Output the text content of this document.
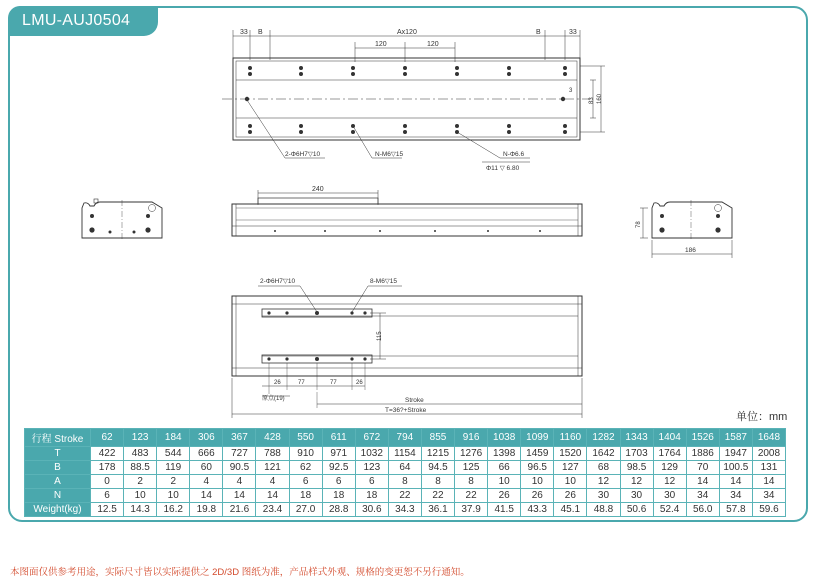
LMU-AUJ0504
33 B	Ax120	B	33
120	120
83 160
3
2-Φ6H7▽10	N-M6▽15	N-Φ6.6
Φ11 ▽ 6.80
240
78
186
2-Φ6H7▽10	8-M6▽15
115
26	77	77	26
原点(19)	Stroke
T=36?+Stroke
单位：mm
行程 Stroke	62	123	184	306	367	428	550	611	672	794	855	916	1038	1099	1160	1282	1343	1404	1526	1587	1648
T	422	483	544	666	727	788	910	971	1032	1154	1215	1276	1398	1459	1520	1642	1703	1764	1886	1947	2008
B	178	88.5	119	60	90.5	121	62	92.5	123	64	94.5	125	66	96.5	127	68	98.5	129	70	100.5	131
A	0	2	2	4	4	4	6	6	6	8	8	8	10	10	10	12	12	12	14	14	14
N	6	10	10	14	14	14	18	18	18	22	22	22	26	26	26	30	30	30	34	34	34
Weight(kg)	12.5	14.3	16.2	19.8	21.6	23.4	27.0	28.8	30.6	34.3	36.1	37.9	41.5	43.3	45.1	48.8	50.6	52.4	56.0	57.8	59.6
本图面仅供参考用途，实际尺寸皆以实际提供之 2D/3D 图纸为准，产品样式外观、规格的变更恕不另行通知。
